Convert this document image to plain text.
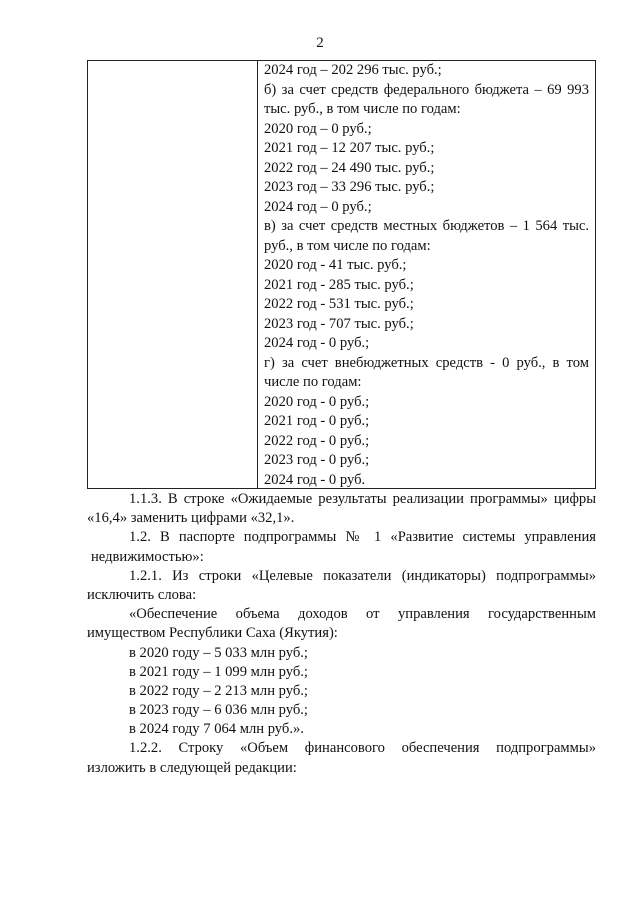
2
2024 год – 202 296 тыс. руб.;
б) за счет средств федерального бюджета – 69 993
тыс. руб., в том числе по годам:
2020 год – 0 руб.;
2021 год – 12 207 тыс. руб.;
2022 год – 24 490 тыс. руб.;
2023 год – 33 296 тыс. руб.;
2024 год – 0 руб.;
в) за счет средств местных бюджетов – 1 564 тыс.
руб., в том числе по годам:
2020 год - 41 тыс. руб.;
2021 год - 285 тыс. руб.;
2022 год - 531 тыс. руб.;
2023 год - 707 тыс. руб.;
2024 год - 0 руб.;
г) за счет внебюджетных средств - 0 руб., в том
числе по годам:
2020 год - 0 руб.;
2021 год - 0 руб.;
2022 год - 0 руб.;
2023 год - 0 руб.;
2024 год - 0 руб.
1.1.3. В строке «Ожидаемые результаты реализации программы» цифры
«16,4» заменить цифрами «32,1».
1.2. В паспорте подпрограммы № 1 «Развитие системы управления
недвижимостью»:
1.2.1. Из строки «Целевые показатели (индикаторы) подпрограммы»
исключить слова:
«Обеспечение объема доходов от управления государственным
имуществом Республики Саха (Якутия):
в 2020 году – 5 033 млн руб.;
в 2021 году – 1 099 млн руб.;
в 2022 году – 2 213 млн руб.;
в 2023 году – 6 036 млн руб.;
в 2024 году 7 064 млн руб.».
1.2.2. Строку «Объем финансового обеспечения подпрограммы»
изложить в следующей редакции:
